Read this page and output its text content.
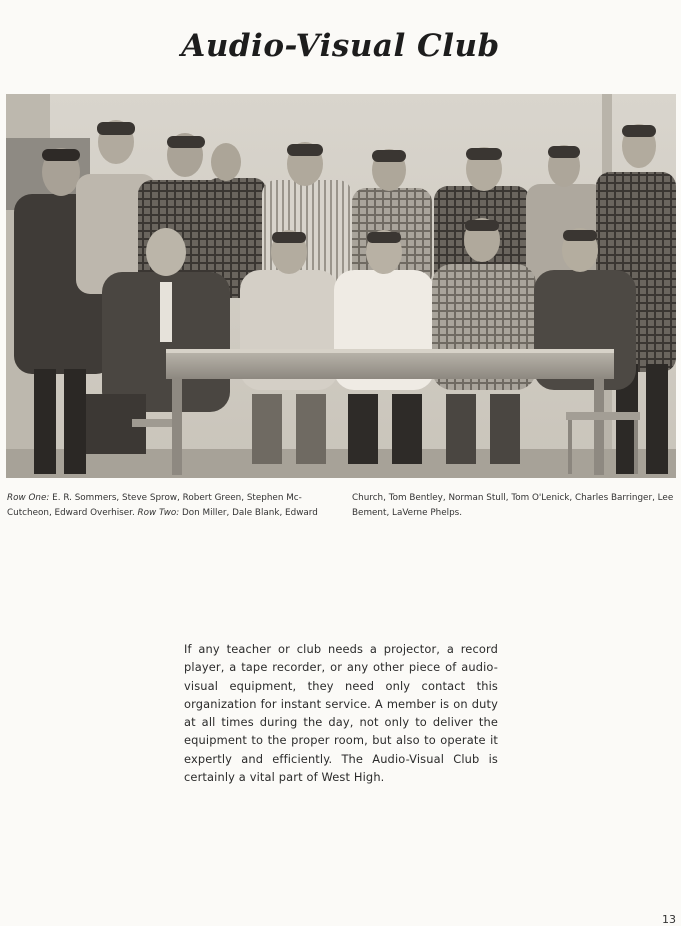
Audio-Visual Club
Row One: E. R. Sommers, Steve Sprow, Robert Green, Stephen Mc-Cutcheon, Edward Overhiser. Row Two: Don Miller, Dale Blank, Edward
Church, Tom Bentley, Norman Stull, Tom O'Lenick, Charles Barringer, Lee Bement, LaVerne Phelps.
If any teacher or club needs a projector, a record player, a tape recorder, or any other piece of audio-visual equipment, they need only contact this organization for instant service. A member is on duty at all times during the day, not only to deliver the equipment to the proper room, but also to operate it expertly and efficiently. The Audio-Visual Club is certainly a vital part of West High.
13
